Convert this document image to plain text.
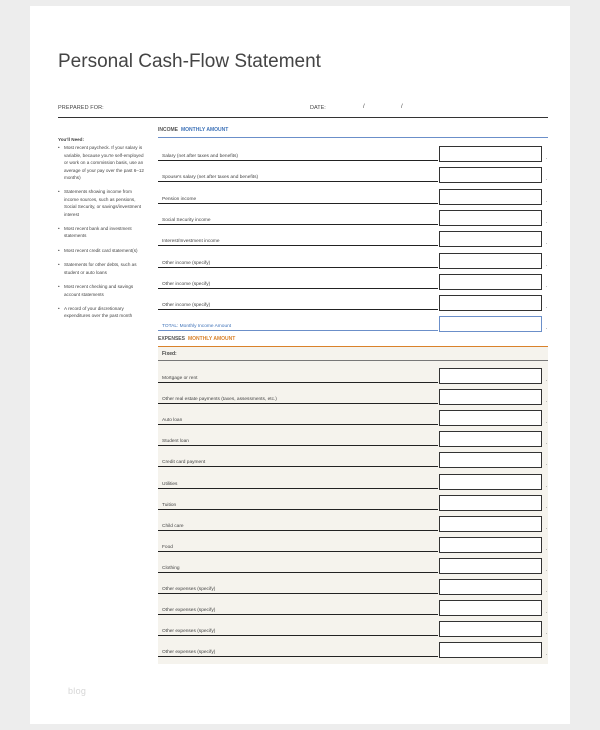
Personal Cash-Flow Statement
PREPARED FOR:	DATE:	/	/
You'll Need:
• Most recent paycheck. If your salary is variable, because you're self-employed or work on a commission basis, use an average of your pay over the past 6–12 months)
• Statements showing income from income sources, such as pensions, Social Security, or savings/investment interest
• Most recent bank and investment statements
• Most recent credit card statement(s)
• Statements for other debts, such as student or auto loans
• Most recent checking and savings account statements
• A record of your discretionary expenditures over the past month
INCOME MONTHLY AMOUNT
Salary (net after taxes and benefits)	.
Spouse's salary (net after taxes and benefits)	.
Pension income	.
Social Security income	.
Interest/Investment income	.
Other income (specify)	.
Other income (specify)	.
Other income (specify)	.
TOTAL: Monthly Income Amount	.
EXPENSES MONTHLY AMOUNT
Fixed:
Mortgage or rent	.
Other real estate payments (taxes, assessments, etc.)	.
Auto loan	.
Student loan	.
Credit card payment	.
Utilities	.
Tuition	.
Child care	.
Food	.
Clothing	.
Other expenses (specify)	.
Other expenses (specify)	.
Other expenses (specify)	.
Other expenses (specify)	.
blog
